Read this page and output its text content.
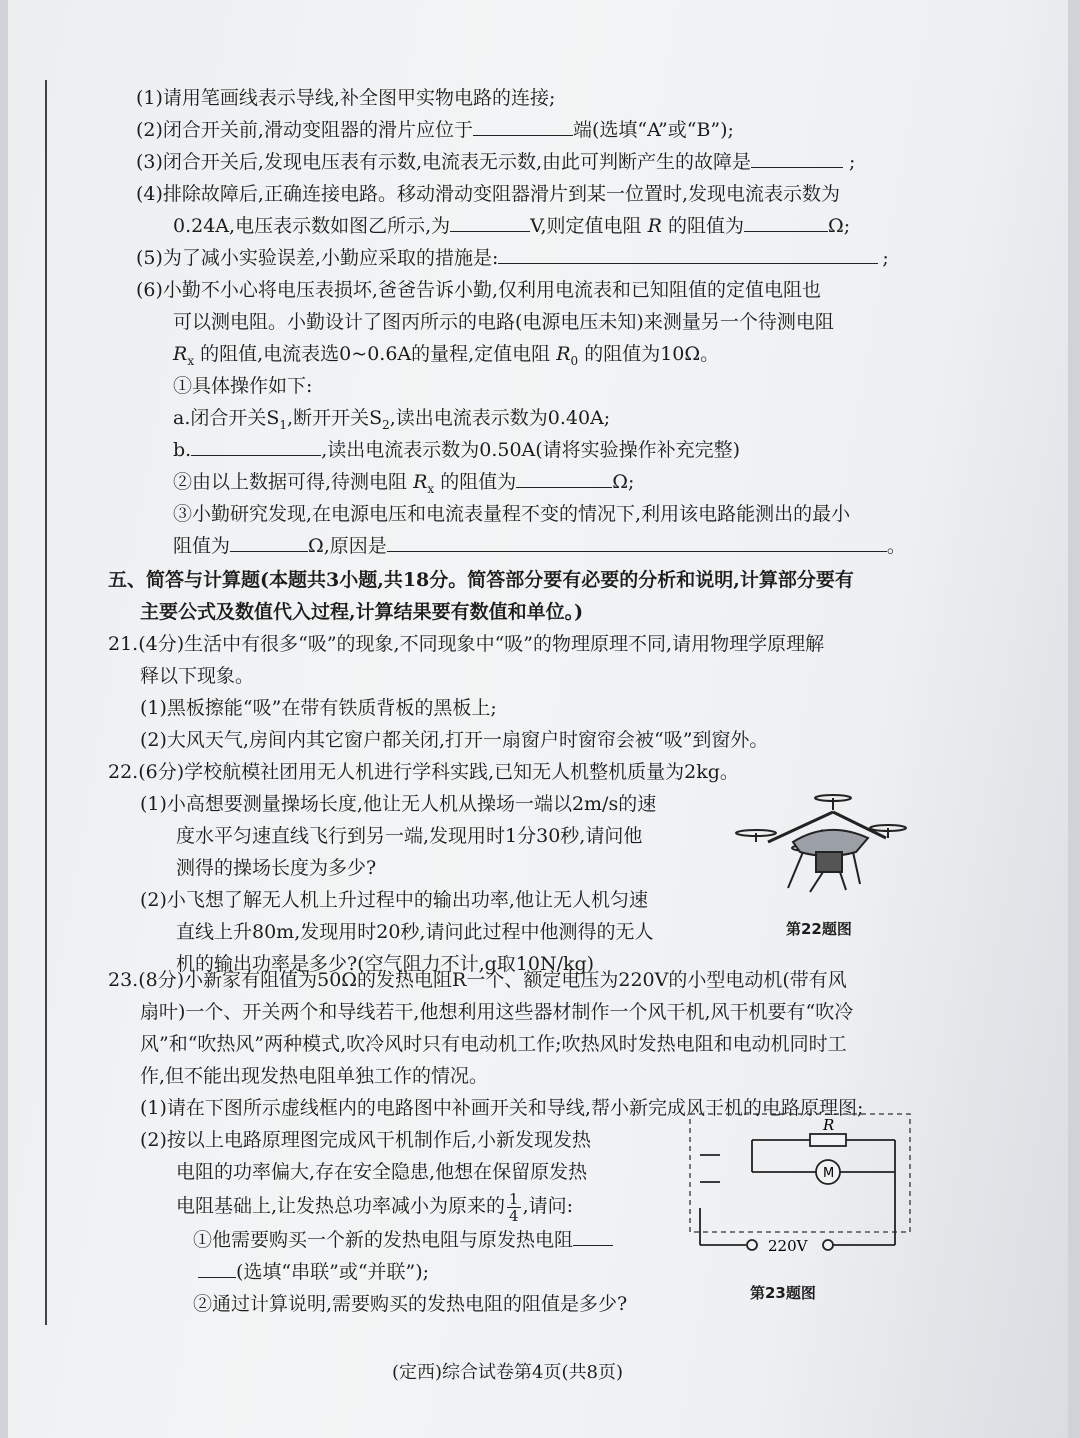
(1)请用笔画线表示导线,补全图甲实物电路的连接;
(2)闭合开关前,滑动变阻器的滑片应位于	端(选填“A”或“B”);
(3)闭合开关后,发现电压表有示数,电流表无示数,由此可判断产生的故障是	;
(4)排除故障后,正确连接电路。移动滑动变阻器滑片到某一位置时,发现电流表示数为
0.24A,电压表示数如图乙所示,为	V,则定值电阻 R 的阻值为	Ω;
(5)为了减小实验误差,小勤应采取的措施是:	;
(6)小勤不小心将电压表损坏,爸爸告诉小勤,仅利用电流表和已知阻值的定值电阻也
可以测电阻。小勤设计了图丙所示的电路(电源电压未知)来测量另一个待测电阻
$R_x$ 的阻值,电流表选0~0.6A的量程,定值电阻 $R_0$ 的阻值为10Ω。
①具体操作如下:
a.闭合开关$S_1$,断开开关$S_2$,读出电流表示数为0.40A;
b.	,读出电流表示数为0.50A(请将实验操作补充完整)
②由以上数据可得,待测电阻 $R_x$ 的阻值为	Ω;
③小勤研究发现,在电源电压和电流表量程不变的情况下,利用该电路能测出的最小
阻值为	Ω,原因是	。
五、简答与计算题(本题共3小题,共18分。简答部分要有必要的分析和说明,计算部分要有
主要公式及数值代入过程,计算结果要有数值和单位。)
21.(4分)生活中有很多“吸”的现象,不同现象中“吸”的物理原理不同,请用物理学原理解
释以下现象。
(1)黑板擦能“吸”在带有铁质背板的黑板上;
(2)大风天气,房间内其它窗户都关闭,打开一扇窗户时窗帘会被“吸”到窗外。
22.(6分)学校航模社团用无人机进行学科实践,已知无人机整机质量为2kg。
(1)小高想要测量操场长度,他让无人机从操场一端以2m/s的速
度水平匀速直线飞行到另一端,发现用时1分30秒,请问他
测得的操场长度为多少?
(2)小飞想了解无人机上升过程中的输出功率,他让无人机匀速
直线上升80m,发现用时20秒,请问此过程中他测得的无人
机的输出功率是多少?(空气阻力不计,g取10N/kg)
第22题图
23.(8分)小新家有阻值为50Ω的发热电阻R一个、额定电压为220V的小型电动机(带有风
扇叶)一个、开关两个和导线若干,他想利用这些器材制作一个风干机,风干机要有“吹冷
风”和“吹热风”两种模式,吹冷风时只有电动机工作;吹热风时发热电阻和电动机同时工
作,但不能出现发热电阻单独工作的情况。
(1)请在下图所示虚线框内的电路图中补画开关和导线,帮小新完成风干机的电路原理图;
(2)按以上电路原理图完成风干机制作后,小新发现发热
电阻的功率偏大,存在安全隐患,他想在保留原发热
电阻基础上,让发热总功率减小为原来的 $\frac{1}{4}$ ,请问:
①他需要购买一个新的发热电阻与原发热电阻
(选填“串联”或“并联”);
②通过计算说明,需要购买的发热电阻的阻值是多少?
R
M
220V
第23题图
(定西)综合试卷第4页(共8页)
